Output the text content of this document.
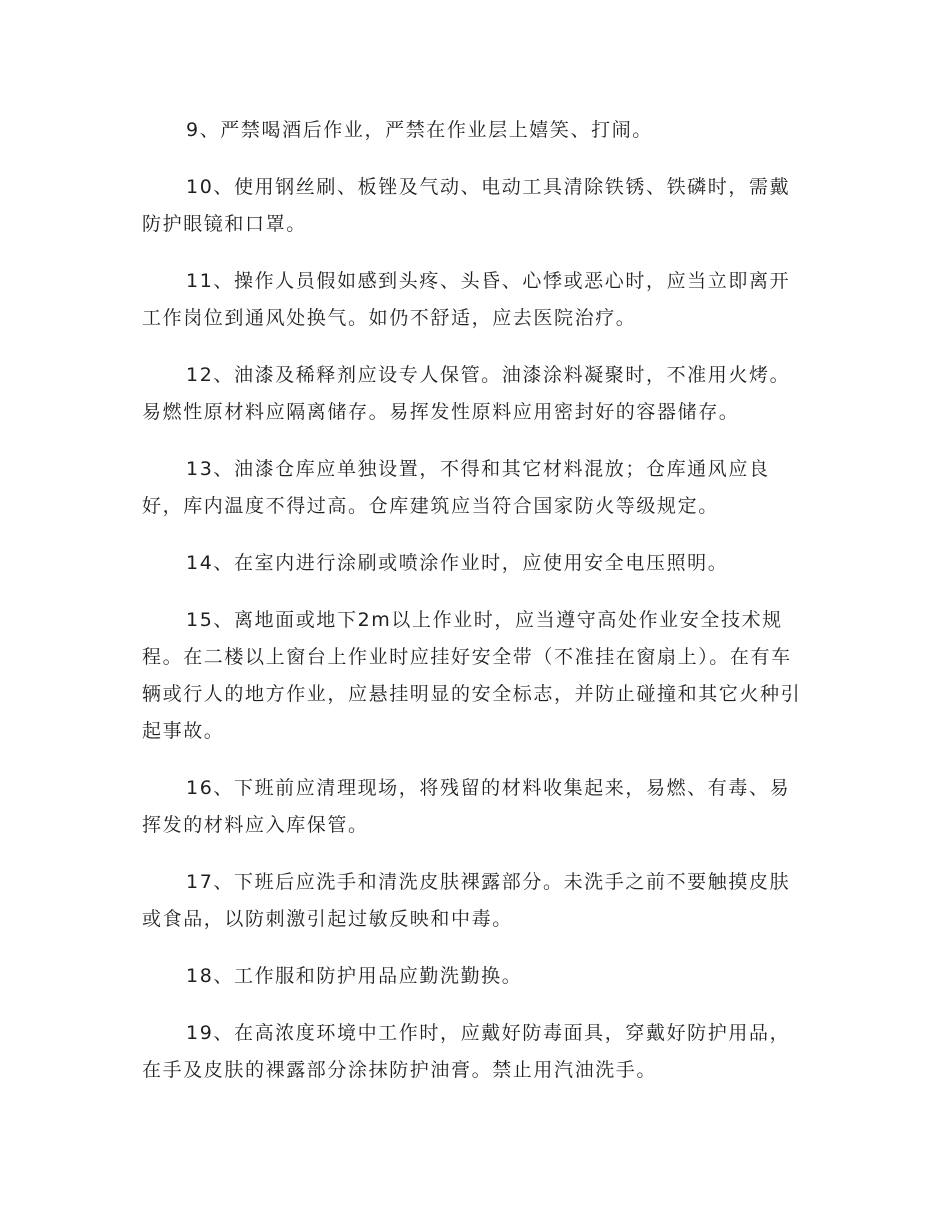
9、严禁喝酒后作业，严禁在作业层上嬉笑、打闹。

10、使用钢丝刷、板锉及气动、电动工具清除铁锈、铁磷时，需戴防护眼镜和口罩。

11、操作人员假如感到头疼、头昏、心悸或恶心时，应当立即离开工作岗位到通风处换气。如仍不舒适，应去医院治疗。

12、油漆及稀释剂应设专人保管。油漆涂料凝聚时，不准用火烤。易燃性原材料应隔离储存。易挥发性原料应用密封好的容器储存。

13、油漆仓库应单独设置，不得和其它材料混放；仓库通风应良好，库内温度不得过高。仓库建筑应当符合国家防火等级规定。

14、在室内进行涂刷或喷涂作业时，应使用安全电压照明。

15、离地面或地下2m以上作业时，应当遵守高处作业安全技术规程。在二楼以上窗台上作业时应挂好安全带（不准挂在窗扇上）。在有车辆或行人的地方作业，应悬挂明显的安全标志，并防止碰撞和其它火种引起事故。

16、下班前应清理现场，将残留的材料收集起来，易燃、有毒、易挥发的材料应入库保管。

17、下班后应洗手和清洗皮肤裸露部分。未洗手之前不要触摸皮肤或食品，以防刺激引起过敏反映和中毒。

18、工作服和防护用品应勤洗勤换。

19、在高浓度环境中工作时，应戴好防毒面具，穿戴好防护用品，在手及皮肤的裸露部分涂抹防护油膏。禁止用汽油洗手。
